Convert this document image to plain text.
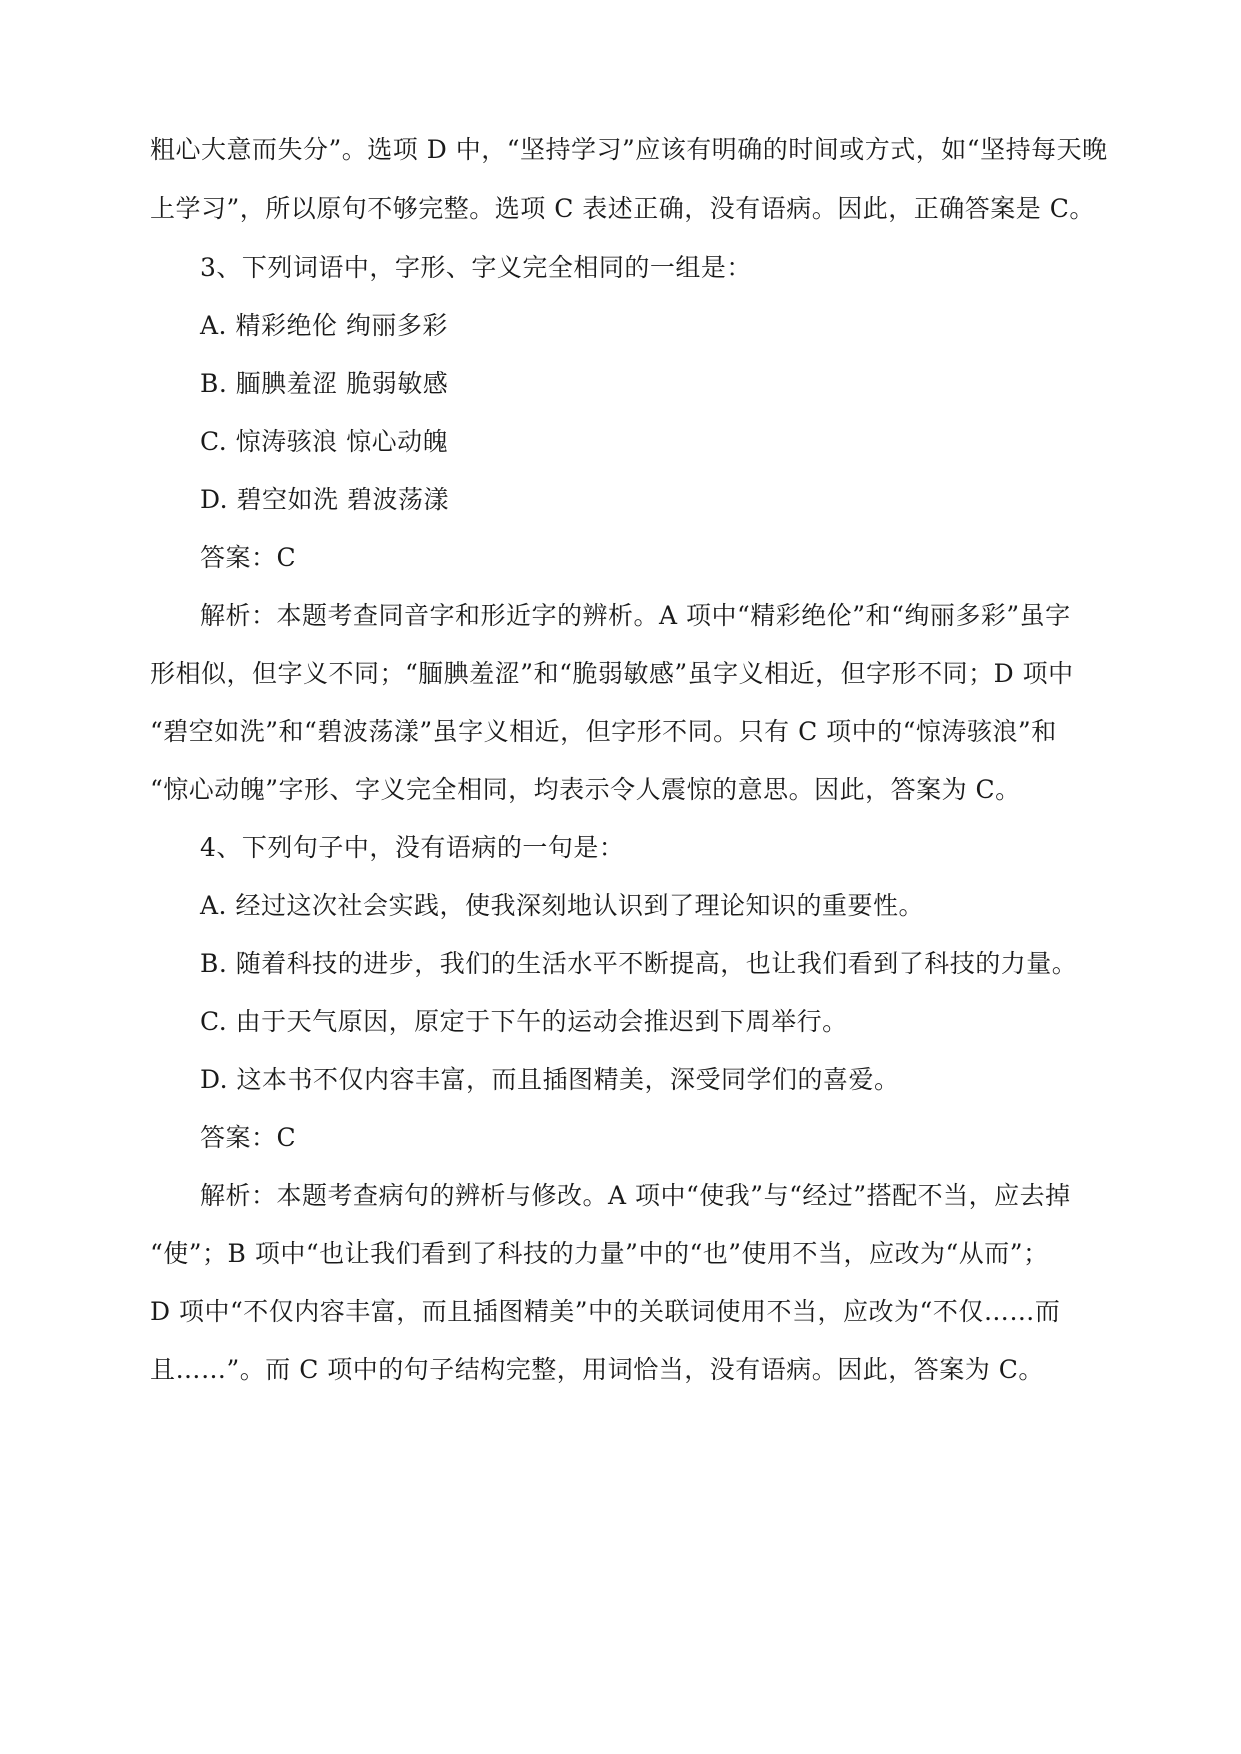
粗心大意而失分”。选项 D 中，“坚持学习”应该有明确的时间或方式，如“坚持每天晚
上学习”，所以原句不够完整。选项 C 表述正确，没有语病。因此，正确答案是 C。
3、下列词语中，字形、字义完全相同的一组是：
A. 精彩绝伦 绚丽多彩
B. 腼腆羞涩 脆弱敏感
C. 惊涛骇浪 惊心动魄
D. 碧空如洗 碧波荡漾
答案：C
解析：本题考查同音字和形近字的辨析。A 项中“精彩绝伦”和“绚丽多彩”虽字
形相似，但字义不同；“腼腆羞涩”和“脆弱敏感”虽字义相近，但字形不同；D 项中
“碧空如洗”和“碧波荡漾”虽字义相近，但字形不同。只有 C 项中的“惊涛骇浪”和
“惊心动魄”字形、字义完全相同，均表示令人震惊的意思。因此，答案为 C。
4、下列句子中，没有语病的一句是：
A. 经过这次社会实践，使我深刻地认识到了理论知识的重要性。
B. 随着科技的进步，我们的生活水平不断提高，也让我们看到了科技的力量。
C. 由于天气原因，原定于下午的运动会推迟到下周举行。
D. 这本书不仅内容丰富，而且插图精美，深受同学们的喜爱。
答案：C
解析：本题考查病句的辨析与修改。A 项中“使我”与“经过”搭配不当，应去掉
“使”；B 项中“也让我们看到了科技的力量”中的“也”使用不当，应改为“从而”；
D 项中“不仅内容丰富，而且插图精美”中的关联词使用不当，应改为“不仅……而
且……”。而 C 项中的句子结构完整，用词恰当，没有语病。因此，答案为 C。
